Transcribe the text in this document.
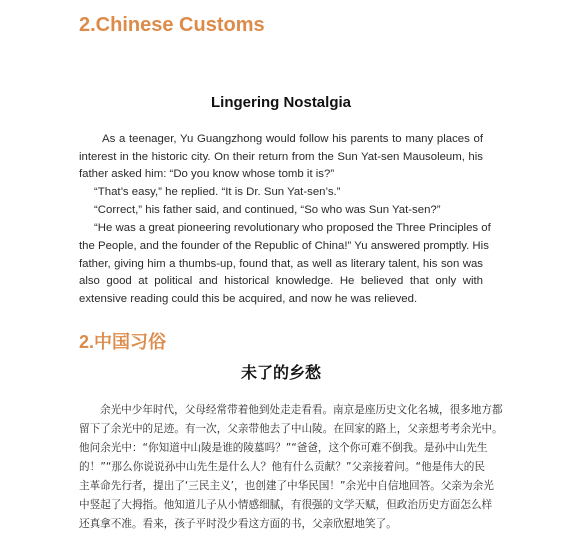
2.Chinese Customs
Lingering Nostalgia
As a teenager, Yu Guangzhong would follow his parents to many places of
interest in the historic city. On their return from the Sun Yat-sen Mausoleum, his
father asked him: “Do you know whose tomb it is?”
“That’s easy,” he replied. “It is Dr. Sun Yat-sen’s.”
“Correct,” his father said, and continued, “So who was Sun Yat-sen?”
“He was a great pioneering revolutionary who proposed the Three Principles of
the People, and the founder of the Republic of China!” Yu answered promptly. His
father, giving him a thumbs-up, found that, as well as literary talent, his son was
also good at political and historical knowledge. He believed that only with
extensive reading could this be acquired, and now he was relieved.
2.中国习俗
未了的乡愁
余光中少年时代，父母经常带着他到处走走看看。南京是座历史文化名城，很多地方都
留下了余光中的足迹。有一次，父亲带他去了中山陵。在回家的路上，父亲想考考余光中。
他问余光中：“你知道中山陵是谁的陵墓吗？”“爸爸，这个你可难不倒我。是孙中山先生
的！”“那么你说说孙中山先生是什么人？他有什么贡献？”父亲接着问。“他是伟大的民
主革命先行者，提出了‘三民主义’，也创建了中华民国！”余光中自信地回答。父亲为余光
中竖起了大拇指。他知道儿子从小情感细腻，有很强的文学天赋，但政治历史方面怎么样
还真拿不准。看来，孩子平时没少看这方面的书，父亲欣慰地笑了。
